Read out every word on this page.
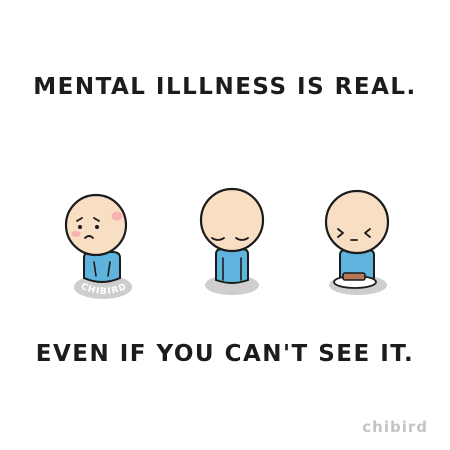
MENTAL ILLLNESS IS REAL.
CHIBIRD
EVEN IF YOU CAN'T SEE IT.
chibird
